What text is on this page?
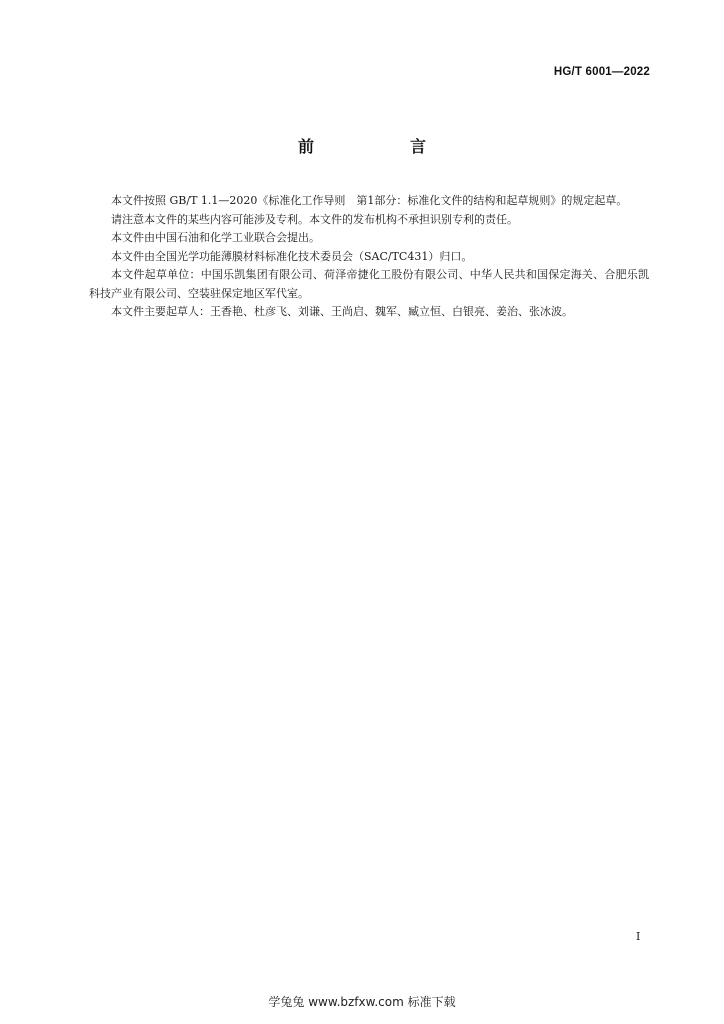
HG/T 6001—2022
前　言

本文件按照 GB/T 1.1—2020《标准化工作导则　第1部分：标准化文件的结构和起草规则》的规定起草。

请注意本文件的某些内容可能涉及专利。本文件的发布机构不承担识别专利的责任。

本文件由中国石油和化学工业联合会提出。

本文件由全国光学功能薄膜材料标准化技术委员会（SAC/TC431）归口。

本文件起草单位：中国乐凯集团有限公司、荷泽帝捷化工股份有限公司、中华人民共和国保定海关、合肥乐凯科技产业有限公司、空装驻保定地区军代室。

本文件主要起草人：王香艳、杜彦飞、刘谦、王尚启、魏军、臧立恒、白银亮、姜治、张冰波。

Ⅰ
学兔兔 www.bzfxw.com 标准下载
